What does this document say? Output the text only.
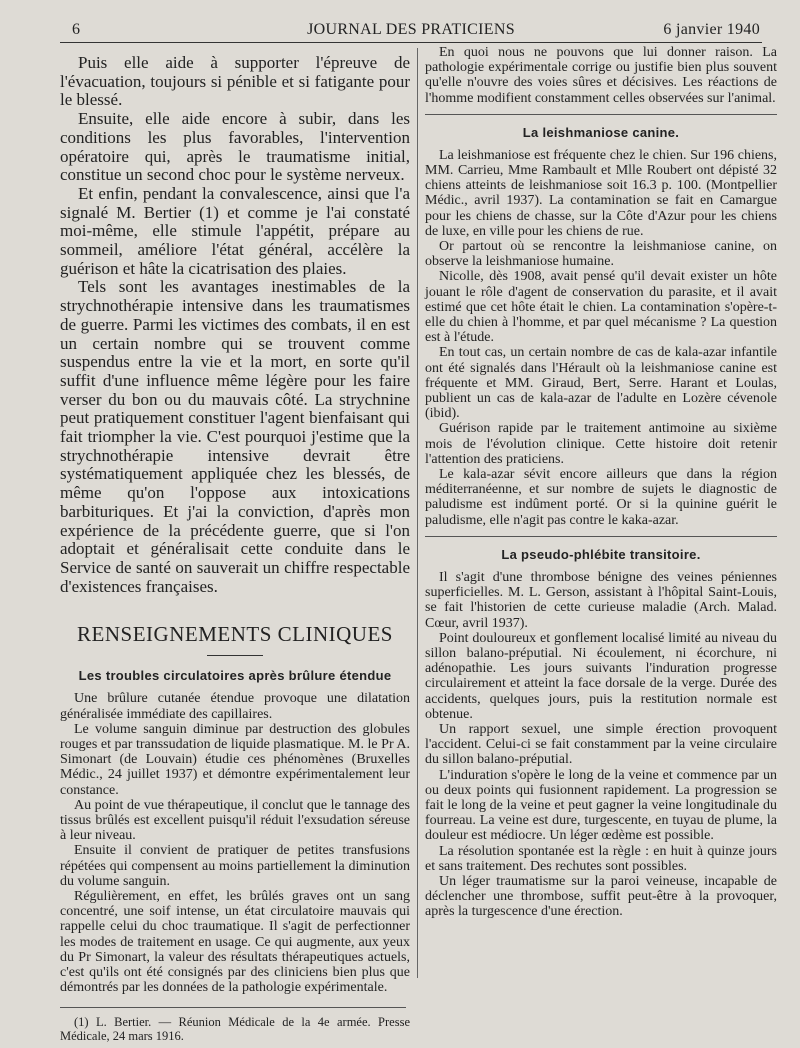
6	JOURNAL DES PRATICIENS	6 janvier 1940

Puis elle aide à supporter l'épreuve de l'évacuation, toujours si pénible et si fatigante pour le blessé.

Ensuite, elle aide encore à subir, dans les conditions les plus favorables, l'intervention opératoire qui, après le traumatisme initial, constitue un second choc pour le système nerveux.

Et enfin, pendant la convalescence, ainsi que l'a signalé M. Bertier (1) et comme je l'ai constaté moi-même, elle stimule l'appétit, prépare au sommeil, améliore l'état général, accélère la guérison et hâte la cicatrisation des plaies.

Tels sont les avantages inestimables de la strychnothérapie intensive dans les traumatismes de guerre. Parmi les victimes des combats, il en est un certain nombre qui se trouvent comme suspendus entre la vie et la mort, en sorte qu'il suffit d'une influence même légère pour les faire verser du bon ou du mauvais côté. La strychnine peut pratiquement constituer l'agent bienfaisant qui fait triompher la vie. C'est pourquoi j'estime que la strychnothérapie intensive devrait être systématiquement appliquée chez les blessés, de même qu'on l'oppose aux intoxications barbituriques. Et j'ai la conviction, d'après mon expérience de la précédente guerre, que si l'on adoptait et généralisait cette conduite dans le Service de santé on sauverait un chiffre respectable d'existences françaises.

RENSEIGNEMENTS CLINIQUES
Les troubles circulatoires après brûlure étendue

Une brûlure cutanée étendue provoque une dilatation généralisée immédiate des capillaires.

Le volume sanguin diminue par destruction des globules rouges et par transsudation de liquide plasmatique. M. le Pr A. Simonart (de Louvain) étudie ces phénomènes (Bruxelles Médic., 24 juillet 1937) et démontre expérimentalement leur constance.

Au point de vue thérapeutique, il conclut que le tannage des tissus brûlés est excellent puisqu'il réduit l'exsudation séreuse à leur niveau.

Ensuite il convient de pratiquer de petites transfusions répétées qui compensent au moins partiellement la diminution du volume sanguin.

Régulièrement, en effet, les brûlés graves ont un sang concentré, une soif intense, un état circulatoire mauvais qui rappelle celui du choc traumatique. Il s'agit de perfectionner les modes de traitement en usage. Ce qui augmente, aux yeux du Pr Simonart, la valeur des résultats thérapeutiques actuels, c'est qu'ils ont été consignés par des cliniciens bien plus que démontrés par les données de la pathologie expérimentale.

(1) L. Bertier. — Réunion Médicale de la 4e armée. Presse Médicale, 24 mars 1916.

En quoi nous ne pouvons que lui donner raison. La pathologie expérimentale corrige ou justifie bien plus souvent qu'elle n'ouvre des voies sûres et décisives. Les réactions de l'homme modifient constamment celles observées sur l'animal.

La leishmaniose canine.

La leishmaniose est fréquente chez le chien. Sur 196 chiens, MM. Carrieu, Mme Rambault et Mlle Roubert ont dépisté 32 chiens atteints de leishmaniose soit 16.3 p. 100. (Montpellier Médic., avril 1937). La contamination se fait en Camargue pour les chiens de chasse, sur la Côte d'Azur pour les chiens de luxe, en ville pour les chiens de rue.

Or partout où se rencontre la leishmaniose canine, on observe la leishmaniose humaine.

Nicolle, dès 1908, avait pensé qu'il devait exister un hôte jouant le rôle d'agent de conservation du parasite, et il avait estimé que cet hôte était le chien. La contamination s'opère-t-elle du chien à l'homme, et par quel mécanisme ? La question est à l'étude.

En tout cas, un certain nombre de cas de kala-azar infantile ont été signalés dans l'Hérault où la leishmaniose canine est fréquente et MM. Giraud, Bert, Serre. Harant et Loulas, publient un cas de kala-azar de l'adulte en Lozère cévenole (ibid).

Guérison rapide par le traitement antimoine au sixième mois de l'évolution clinique. Cette histoire doit retenir l'attention des praticiens.

Le kala-azar sévit encore ailleurs que dans la région méditerranéenne, et sur nombre de sujets le diagnostic de paludisme est indûment porté. Or si la quinine guérit le paludisme, elle n'agit pas contre le kaka-azar.

La pseudo-phlébite transitoire.

Il s'agit d'une thrombose bénigne des veines péniennes superficielles. M. L. Gerson, assistant à l'hôpital Saint-Louis, se fait l'historien de cette curieuse maladie (Arch. Malad. Cœur, avril 1937).

Point douloureux et gonflement localisé limité au niveau du sillon balano-préputial. Ni écoulement, ni écorchure, ni adénopathie. Les jours suivants l'induration progresse circulairement et atteint la face dorsale de la verge. Durée des accidents, quelques jours, puis la restitution normale est obtenue.

Un rapport sexuel, une simple érection provoquent l'accident. Celui-ci se fait constamment par la veine circulaire du sillon balano-préputial.

L'induration s'opère le long de la veine et commence par un ou deux points qui fusionnent rapidement. La progression se fait le long de la veine et peut gagner la veine longitudinale du fourreau. La veine est dure, turgescente, en tuyau de plume, la douleur est médiocre. Un léger œdème est possible.

La résolution spontanée est la règle : en huit à quinze jours et sans traitement. Des rechutes sont possibles.

Un léger traumatisme sur la paroi veineuse, incapable de déclencher une thrombose, suffit peut-être à la provoquer, après la turgescence d'une érection.
